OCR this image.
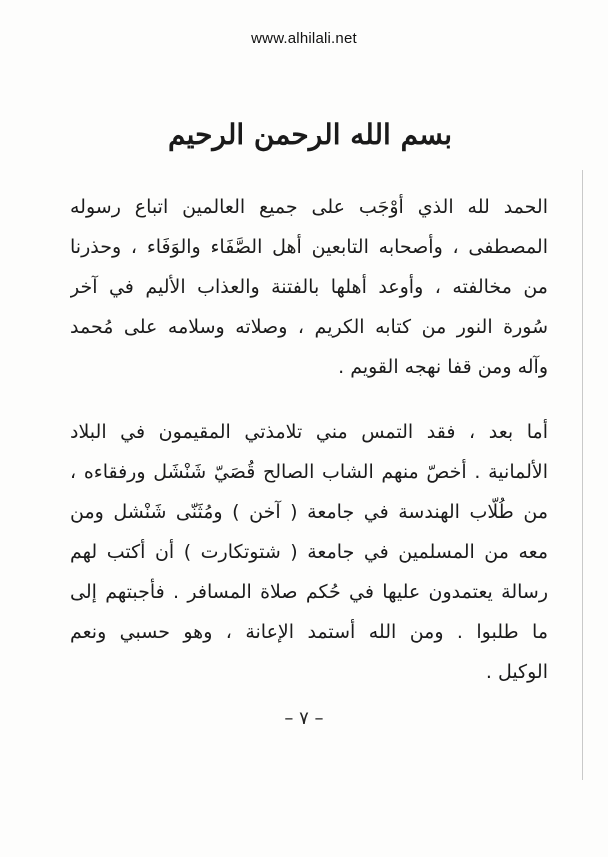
www.alhilali.net
بسم الله الرحمن الرحيم
الحمد لله الذي أوْجَب على جميع العالمين اتباع رسوله
المصطفى ، وأصحابه التابعين أهل الصَّفَاء والوَفَاء ، وحذرنا
من مخالفته ، وأوعد أهلها بالفتنة والعذاب الأليم في آخر
سُورة النور من كتابه الكريم ، وصلاته وسلامه على مُحمد
وآله ومن قفا نهجه القويم .
أما بعد ، فقد التمس مني تلامذتي المقيمون في البلاد
الألمانية . أخصّ منهم الشاب الصالح قُصَيّ شَنْشَل ورفقاءه ،
من طُلّاب الهندسة في جامعة ( آخن ) ومُثَنّى شَنْشل ومن
معه من المسلمين في جامعة ( شتوتكارت ) أن أكتب لهم
رسالة يعتمدون عليها في حُكم صلاة المسافر . فأجبتهم إلى
ما طلبوا . ومن الله أستمد الإعانة ، وهو حسبي ونعم
الوكيل .
– ٧ –
